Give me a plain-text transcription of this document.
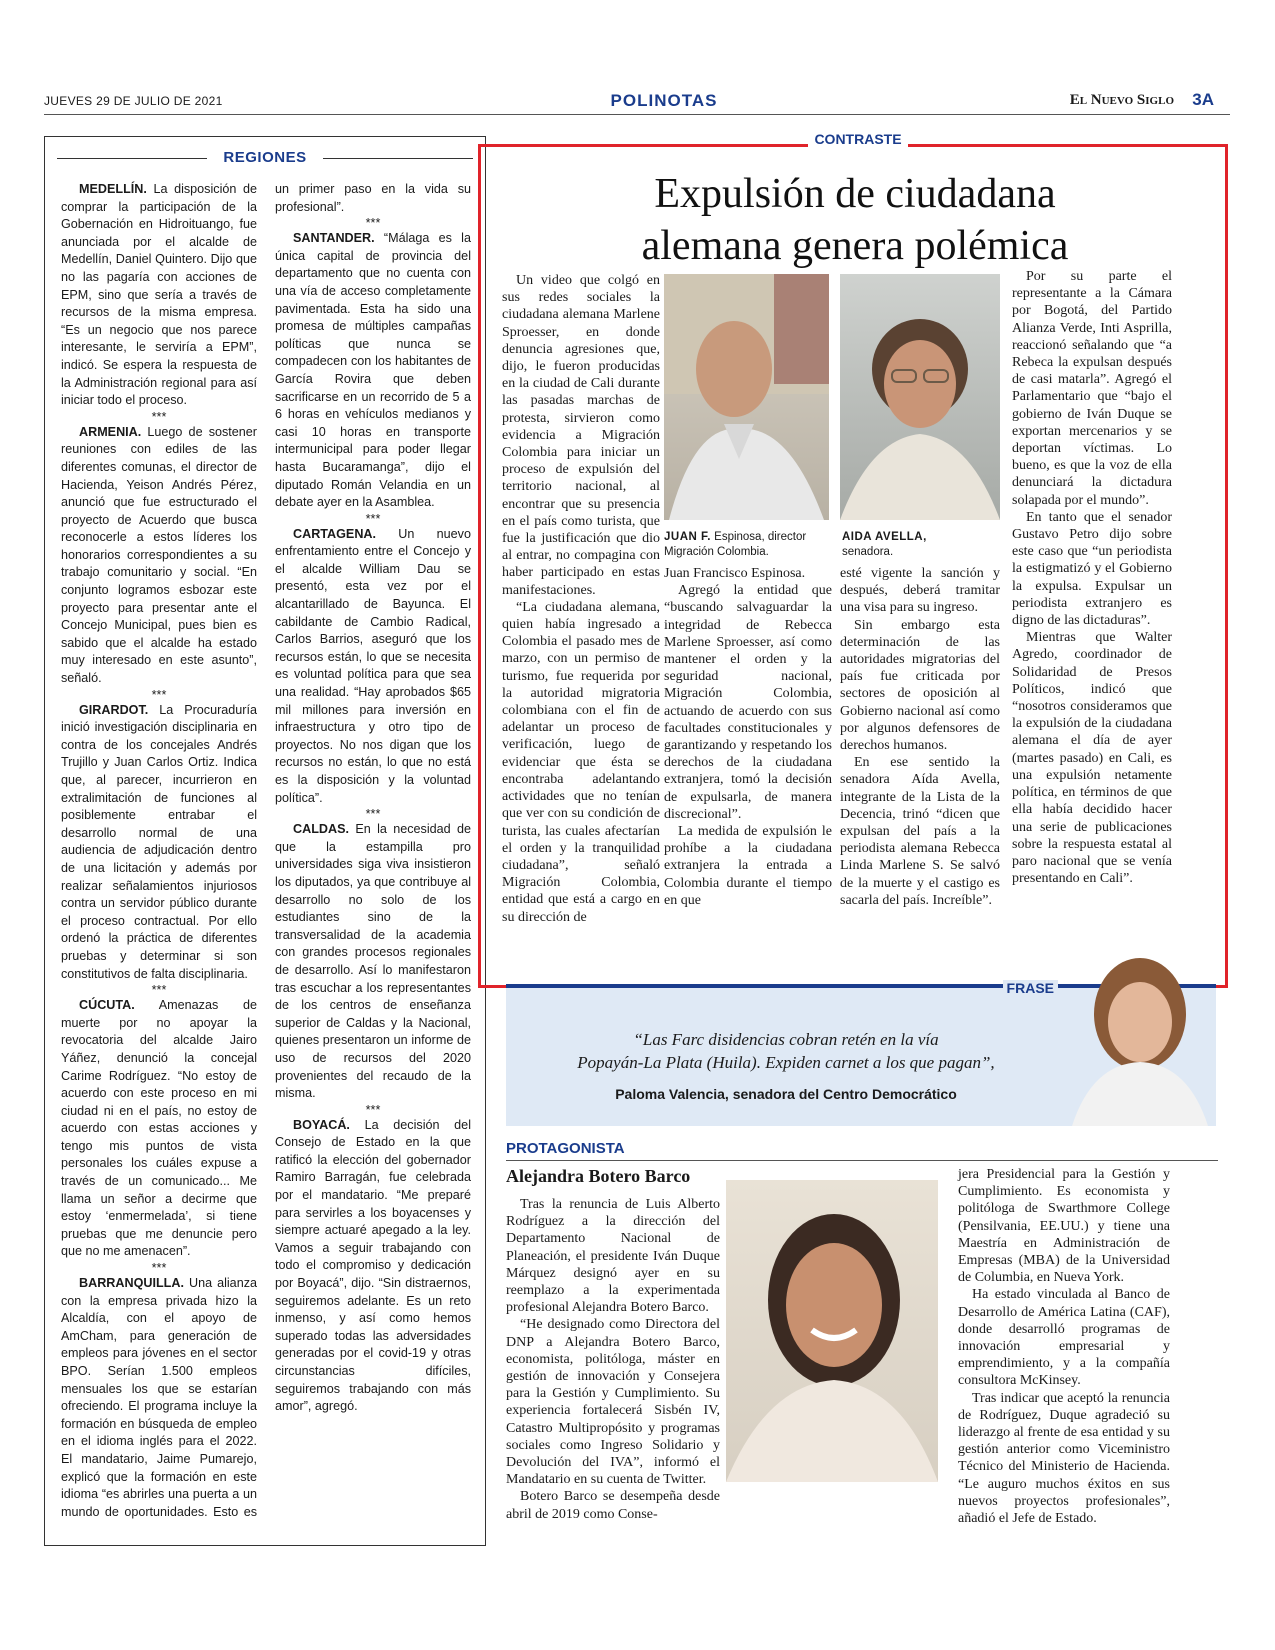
JUEVES 29 DE JULIO DE 2021	POLINOTAS	El Nuevo Siglo 3A
REGIONES

MEDELLÍN. La disposición de comprar la participación de la Gobernación en Hidroituango, fue anunciada por el alcalde de Medellín, Daniel Quintero. Dijo que no las pagaría con acciones de EPM, sino que sería a través de recursos de la misma empresa. “Es un negocio que nos parece interesante, le serviría a EPM”, indicó. Se espera la respuesta de la Administración regional para así iniciar todo el proceso.

***

ARMENIA. Luego de sostener reuniones con ediles de las diferentes comunas, el director de Hacienda, Yeison Andrés Pérez, anunció que fue estructurado el proyecto de Acuerdo que busca reconocerle a estos líderes los honorarios correspondientes a su trabajo comunitario y social. “En conjunto logramos esbozar este proyecto para presentar ante el Concejo Municipal, pues bien es sabido que el alcalde ha estado muy interesado en este asunto”, señaló.

***

GIRARDOT. La Procuraduría inició investigación disciplinaria en contra de los concejales Andrés Trujillo y Juan Carlos Ortiz. Indica que, al parecer, incurrieron en extralimitación de funciones al posiblemente entrabar el desarrollo normal de una audiencia de adjudicación dentro de una licitación y además por realizar señalamientos injuriosos contra un servidor público durante el proceso contractual. Por ello ordenó la práctica de diferentes pruebas y determinar si son constitutivos de falta disciplinaria.

***

CÚCUTA. Amenazas de muerte por no apoyar la revocatoria del alcalde Jairo Yáñez, denunció la concejal Carime Rodríguez. “No estoy de acuerdo con este proceso en mi ciudad ni en el país, no estoy de acuerdo con estas acciones y tengo mis puntos de vista personales los cuáles expuse a través de un comunicado... Me llama un señor a decirme que estoy ‘enmermelada’, si tiene pruebas que me denuncie pero que no me amenacen”.

***

BARRANQUILLA. Una alianza con la empresa privada hizo la Alcaldía, con el apoyo de AmCham, para generación de empleos para jóvenes en el sector BPO. Serían 1.500 empleos mensuales los que se estarían ofreciendo. El programa incluye la formación en búsqueda de empleo en el idioma inglés para el 2022. El mandatario, Jaime Pumarejo, explicó que la formación en este idioma “es abrirles una puerta a un mundo de oportunidades. Esto es un primer paso en la vida su profesional”.

***

SANTANDER. “Málaga es la única capital de provincia del departamento que no cuenta con una vía de acceso completamente pavimentada. Esta ha sido una promesa de múltiples campañas políticas que nunca se compadecen con los habitantes de García Rovira que deben sacrificarse en un recorrido de 5 a 6 horas en vehículos medianos y casi 10 horas en transporte intermunicipal para poder llegar hasta Bucaramanga”, dijo el diputado Román Velandia en un debate ayer en la Asamblea.

***

CARTAGENA. Un nuevo enfrentamiento entre el Concejo y el alcalde William Dau se presentó, esta vez por el alcantarillado de Bayunca. El cabildante de Cambio Radical, Carlos Barrios, aseguró que los recursos están, lo que se necesita es voluntad política para que sea una realidad. “Hay aprobados $65 mil millones para inversión en infraestructura y otro tipo de proyectos. No nos digan que los recursos no están, lo que no está es la disposición y la voluntad política”.

***

CALDAS. En la necesidad de que la estampilla pro universidades siga viva insistieron los diputados, ya que contribuye al desarrollo no solo de los estudiantes sino de la transversalidad de la academia con grandes procesos regionales de desarrollo. Así lo manifestaron tras escuchar a los representantes de los centros de enseñanza superior de Caldas y la Nacional, quienes presentaron un informe de uso de recursos del 2020 provenientes del recaudo de la misma.

***

BOYACÁ. La decisión del Consejo de Estado en la que ratificó la elección del gobernador Ramiro Barragán, fue celebrada por el mandatario. “Me preparé para servirles a los boyacenses y siempre actuaré apegado a la ley. Vamos a seguir trabajando con todo el compromiso y dedicación por Boyacá”, dijo. “Sin distraernos, seguiremos adelante. Es un reto inmenso, y así como hemos superado todas las adversidades generadas por el covid-19 y otras circunstancias difíciles, seguiremos trabajando con más amor”, agregó.

CONTRASTE
Expulsión de ciudadana
alemana genera polémica

Un video que colgó en sus redes sociales la ciudadana alemana Marlene Sproesser, en donde denuncia agresiones que, dijo, le fueron producidas en la ciudad de Cali durante las pasadas marchas de protesta, sirvieron como evidencia a Migración Colombia para iniciar un proceso de expulsión del territorio nacional, al encontrar que su presencia en el país como turista, que fue la justificación que dio al entrar, no compagina con haber participado en estas manifestaciones.

“La ciudadana alemana, quien había ingresado a Colombia el pasado mes de marzo, con un permiso de turismo, fue requerida por la autoridad migratoria colombiana con el fin de adelantar un proceso de verificación, luego de evidenciar que ésta se encontraba adelantando actividades que no tenían que ver con su condición de turista, las cuales afectarían el orden y la tranquilidad ciudadana”, señaló Migración Colombia, entidad que está a cargo en su dirección de

JUAN F. Espinosa, director Migración Colombia.
AIDA AVELLA,
senadora.

Juan Francisco Espinosa.

Agregó la entidad que “buscando salvaguardar la integridad de Rebecca Marlene Sproesser, así como mantener el orden y la seguridad nacional, Migración Colombia, actuando de acuerdo con sus facultades constitucionales y garantizando y respetando los derechos de la ciudadana extranjera, tomó la decisión de expulsarla, de manera discrecional”.

La medida de expulsión le prohíbe a la ciudadana extranjera la entrada a Colombia durante el tiempo en que

esté vigente la sanción y después, deberá tramitar una visa para su ingreso.

Sin embargo esta determinación de las autoridades migratorias del país fue criticada por sectores de oposición al Gobierno nacional así como por algunos defensores de derechos humanos.

En ese sentido la senadora Aída Avella, integrante de la Lista de la Decencia, trinó “dicen que expulsan del país a la periodista alemana Rebecca Linda Marlene S. Se salvó de la muerte y el castigo es sacarla del país. Increíble”.

Por su parte el representante a la Cámara por Bogotá, del Partido Alianza Verde, Inti Asprilla, reaccionó señalando que “a Rebeca la expulsan después de casi matarla”. Agregó el Parlamentario que “bajo el gobierno de Iván Duque se exportan mercenarios y se deportan víctimas. Lo bueno, es que la voz de ella denunciará la dictadura solapada por el mundo”.

En tanto que el senador Gustavo Petro dijo sobre este caso que “un periodista la estigmatizó y el Gobierno la expulsa. Expulsar un periodista extranjero es digno de las dictaduras”.

Mientras que Walter Agredo, coordinador de Solidaridad de Presos Políticos, indicó que “nosotros consideramos que la expulsión de la ciudadana alemana el día de ayer (martes pasado) en Cali, es una expulsión netamente política, en términos de que ella había decidido hacer una serie de publicaciones sobre la respuesta estatal al paro nacional que se venía presentando en Cali”.

FRASE
“Las Farc disidencias cobran retén en la vía
Popayán-La Plata (Huila). Expiden carnet a los que pagan”,
Paloma Valencia, senadora del Centro Democrático
PROTAGONISTA
Alejandra Botero Barco

Tras la renuncia de Luis Alberto Rodríguez a la dirección del Departamento Nacional de Planeación, el presidente Iván Duque Márquez designó ayer en su reemplazo a la experimentada profesional Alejandra Botero Barco.

“He designado como Directora del DNP a Alejandra Botero Barco, economista, politóloga, máster en gestión de innovación y Consejera para la Gestión y Cumplimiento. Su experiencia fortalecerá Sisbén IV, Catastro Multipropósito y programas sociales como Ingreso Solidario y Devolución del IVA”, informó el Mandatario en su cuenta de Twitter.

Botero Barco se desempeña desde abril de 2019 como Conse-

jera Presidencial para la Gestión y Cumplimiento. Es economista y politóloga de Swarthmore College (Pensilvania, EE.UU.) y tiene una Maestría en Administración de Empresas (MBA) de la Universidad de Columbia, en Nueva York.

Ha estado vinculada al Banco de Desarrollo de América Latina (CAF), donde desarrolló programas de innovación empresarial y emprendimiento, y a la compañía consultora McKinsey.

Tras indicar que aceptó la renuncia de Rodríguez, Duque agradeció su liderazgo al frente de esa entidad y su gestión anterior como Viceministro Técnico del Ministerio de Hacienda. “Le auguro muchos éxitos en sus nuevos proyectos profesionales”, añadió el Jefe de Estado.
